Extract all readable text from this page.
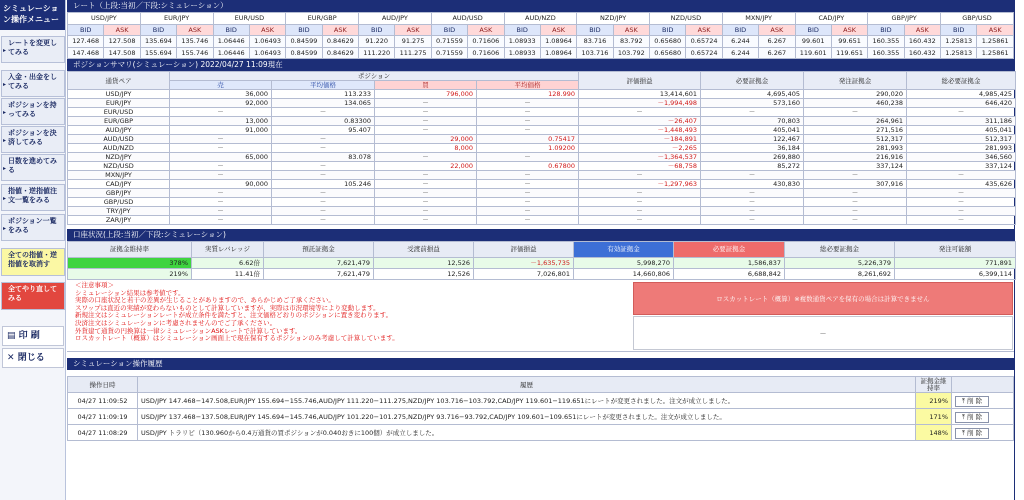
シミュレーション操作メニュー
▸
レートを変更してみる
▸
入金・出金をしてみる
▸
ポジションを持ってみる
▸
ポジションを決済してみる
▸
日数を進めてみる
▸
指値・逆指値注文一覧をみる
▸
ポジション一覧をみる
全ての指値・逆指値を取消す
全てやり直してみる
▤ 印 刷
✕ 閉じる
レート（上段:当初／下段:シミュレーション）
USD/JPY		EUR/JPY		EUR/USD		EUR/GBP		AUD/JPY		AUD/USD		AUD/NZD		NZD/JPY		NZD/USD		MXN/JPY		CAD/JPY		GBP/JPY		GBP/USD	
BID	ASK	BID	ASK	BID	ASK	BID	ASK	BID	ASK	BID	ASK	BID	ASK	BID	ASK	BID	ASK	BID	ASK	BID	ASK	BID	ASK	BID	ASK
127.468	127.508	135.694	135.746	1.06446	1.06493	0.84599	0.84629	91.220	91.275	0.71559	0.71606	1.08933	1.08964	83.716	83.792	0.65680	0.65724	6.244	6.267	99.601	99.651	160.355	160.432	1.25813	1.25861
147.468	147.508	155.694	155.746	1.06446	1.06493	0.84599	0.84629	111.220	111.275	0.71559	0.71606	1.08933	1.08964	103.716	103.792	0.65680	0.65724	6.244	6.267	119.601	119.651	160.355	160.432	1.25813	1.25861
ポジションサマリ(シミュレーション) 2022/04/27 11:09現在
通貨ペア	ポジション				評価損益	必要証拠金	発注証拠金	総必要証拠金
	売	平均価格	買	平均価格				
USD/JPY	36,000	113.233	796,000	128.990	13,414,601	4,695,405	290,020	4,985,425
EUR/JPY	92,000	134.065	－	－	－1,994,498	573,160	460,238	646,420
EUR/USD	－	－	－	－	－	－	－	－
EUR/GBP	13,000	0.83300	－	－	－26,407	70,803	264,961	311,186
AUD/JPY	91,000	95.407	－	－	－1,448,493	405,041	271,516	405,041
AUD/USD	－	－	29,000	0.75417	－184,891	122,467	512,317	512,317
AUD/NZD	－	－	8,000	1.09200	－2,265	36,184	281,993	281,993
NZD/JPY	65,000	83.078	－	－	－1,364,537	269,880	216,916	346,560
NZD/USD	－	－	22,000	0.67800	－68,758	85,272	337,124	337,124
MXN/JPY	－	－	－	－	－	－	－	－
CAD/JPY	90,000	105.246	－	－	－1,297,963	430,830	307,916	435,626
GBP/JPY	－	－	－	－	－	－	－	－
GBP/USD	－	－	－	－	－	－	－	－
TRY/JPY	－	－	－	－	－	－	－	－
ZAR/JPY	－	－	－	－	－	－	－	－
口座状況(上段:当初／下段:シミュレーション)
証拠金維持率	実質レバレッジ	預託証拠金	受渡前損益	評価損益	有効証拠金	必要証拠金	総必要証拠金	発注可能額
378%	6.62倍	7,621,479	12,526	－1,635,735	5,998,270	1,586,837	5,226,379	771,891
219%	11.41倍	7,621,479	12,526	7,026,801	14,660,806	6,688,842	8,261,692	6,399,114
＜注意事項＞
シミュレーション結果は参考値です。
実際の口座状況と若干の差異が生じることがありますので、あらかじめご了承ください。
スワップは直近の実績が変わらないものとして計算していますが、実際は市況環境等により変動します。
新規注文はシミュレーションレートが成立条件を満たすと、注文価格どおりのポジションに置き変わります。
決済注文はシミュレーションに考慮されませんのでご了承ください。
外貨建て通貨の円換算は一律シミュレーションASKレートで計算しています。
ロスカットレート（概算）はシミュレーション画面上で現在保有するポジションのみ考慮して計算しています。
ロスカットレート（概算）※複数通貨ペアを保有の場合は計算できません
－
シミュレーション操作履歴
操作日時	履歴	証拠金維持率	
04/27 11:09:52	USD/JPY 147.468−147.508,EUR/JPY 155.694−155.746,AUD/JPY 111.220−111.275,NZD/JPY 103.716−103.792,CAD/JPY 119.601−119.651にレートが変更されました。注文が成立しました。	219%	⤒ 削 除
04/27 11:09:19	USD/JPY 137.468−137.508,EUR/JPY 145.694−145.746,AUD/JPY 101.220−101.275,NZD/JPY 93.716−93.792,CAD/JPY 109.601−109.651にレートが変更されました。注文が成立しました。	171%	⤒ 削 除
04/27 11:08:29	USD/JPY トラリピ（130.960から0.4万通貨の買ポジションが0.040おきに100個）が成立しました。	148%	⤒ 削 除
